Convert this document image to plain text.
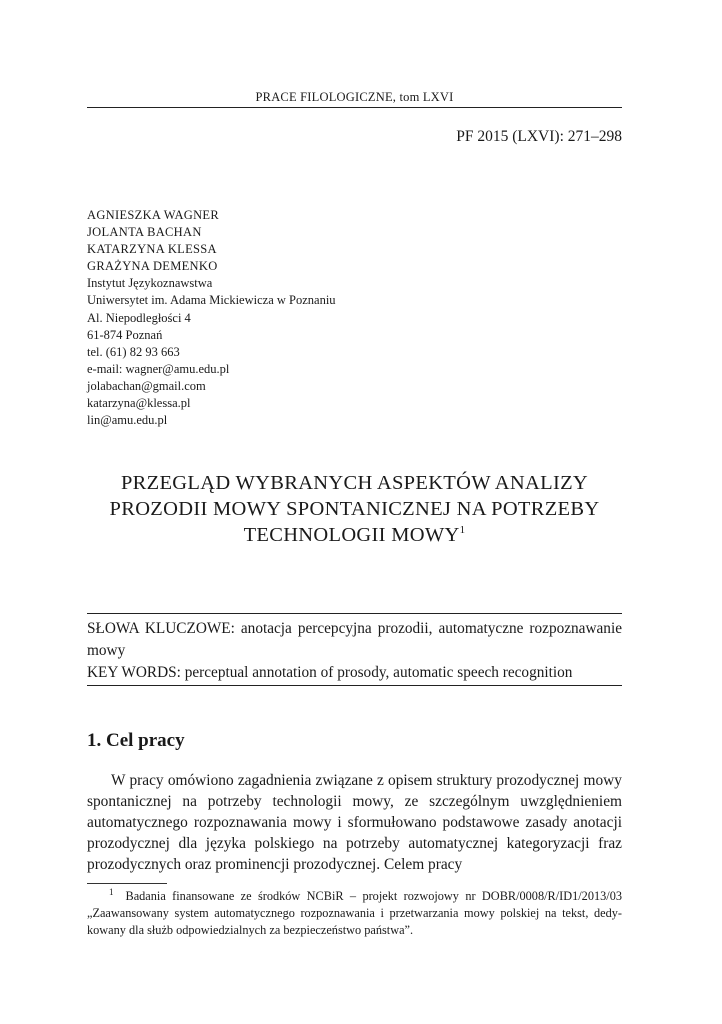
PRACE FILOLOGICZNE, tom LXVI
PF 2015 (LXVI): 271–298
AGNIESZKA WAGNER
JOLANTA BACHAN
KATARZYNA KLESSA
GRAŻYNA DEMENKO
Instytut Językoznawstwa
Uniwersytet im. Adama Mickiewicza w Poznaniu
Al. Niepodległości 4
61-874 Poznań
tel. (61) 82 93 663
e-mail: wagner@amu.edu.pl
jolabachan@gmail.com
katarzyna@klessa.pl
lin@amu.edu.pl
PRZEGLĄD WYBRANYCH ASPEKTÓW ANALIZY
PROZODII MOWY SPONTANICZNEJ NA POTRZEBY
TECHNOLOGII MOWY$^1$

SŁOWA KLUCZOWE: anotacja percepcyjna prozodii, automatyczne rozpoznawanie mowy

KEY WORDS: perceptual annotation of prosody, automatic speech recognition

1. Cel pracy

W pracy omówiono zagadnienia związane z opisem struktury prozodycznej mowy spontanicznej na potrzeby technologii mowy, ze szczególnym uwzględnieniem automatycznego rozpoznawania mowy i sformułowano podstawowe zasady anotacji prozodycznej dla języka polskiego na potrzeby automatycznej kategoryzacji fraz prozodycznych oraz prominencji prozodycznej. Celem pracy

$^1$ Badania finansowane ze środków NCBiR – projekt rozwojowy nr DOBR/0008/R/ID1/2013/03 „Zaawansowany system automatycznego rozpoznawania i przetwarzania mowy polskiej na tekst, dedykowany dla służb odpowiedzialnych za bezpieczeństwo państwa”.
